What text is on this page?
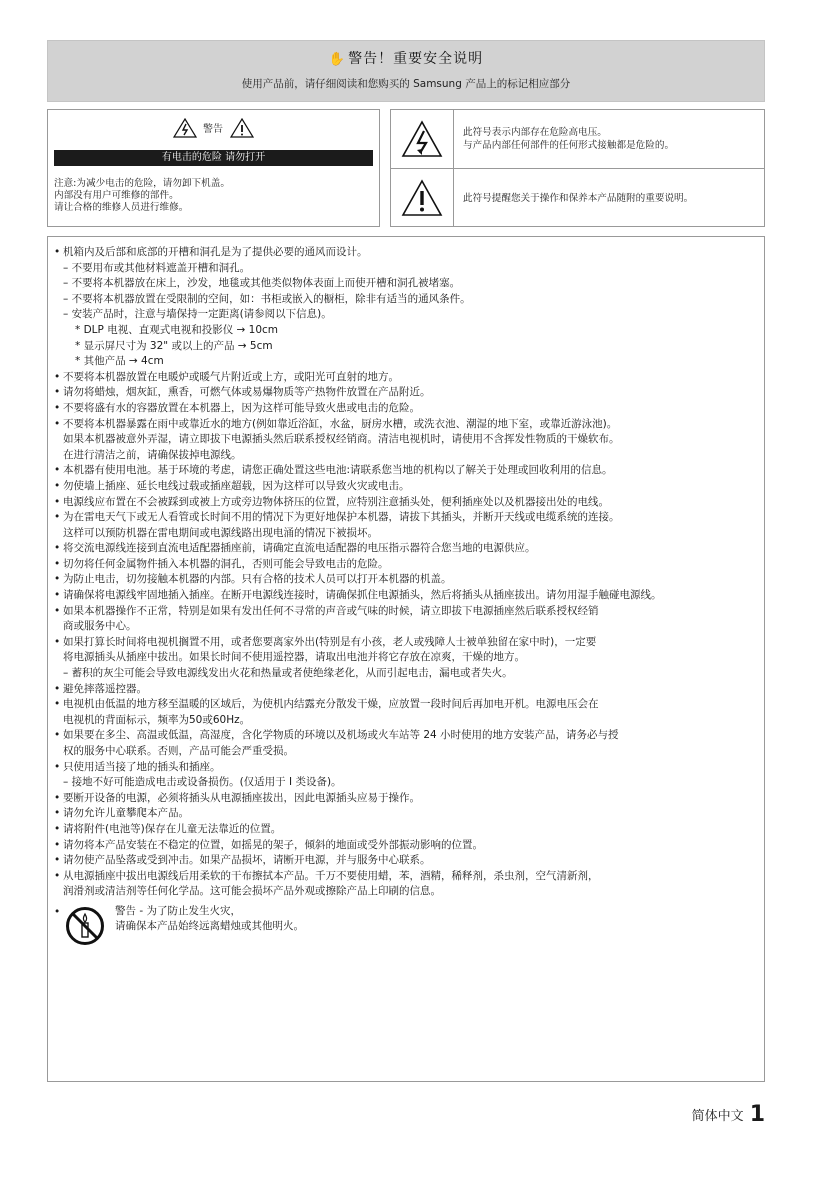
✋ 警告！重要安全说明
使用产品前，请仔细阅读和您购买的 Samsung 产品上的标记相应部分
警告
有电击的危险 请勿打开
注意:为减少电击的危险，请勿卸下机盖。
内部没有用户可维修的部件。
请让合格的维修人员进行维修。
此符号表示内部存在危险高电压。
与产品内部任何部件的任何形式接触都是危险的。
此符号提醒您关于操作和保养本产品随附的重要说明。
• 机箱内及后部和底部的开槽和洞孔是为了提供必要的通风而设计。
– 不要用布或其他材料遮盖开槽和洞孔。
– 不要将本机器放在床上，沙发，地毯或其他类似物体表面上而使开槽和洞孔被堵塞。
– 不要将本机器放置在受限制的空间，如：书柜或嵌入的橱柜，除非有适当的通风条件。
– 安装产品时，注意与墙保持一定距离(请参阅以下信息)。
* DLP 电视、直观式电视和投影仪 → 10cm
* 显示屏尺寸为 32" 或以上的产品 → 5cm
* 其他产品 → 4cm
• 不要将本机器放置在电暖炉或暖气片附近或上方，或阳光可直射的地方。
• 请勿将蜡烛，烟灰缸，熏香，可燃气体或易爆物质等产热物件放置在产品附近。
• 不要将盛有水的容器放置在本机器上，因为这样可能导致火患或电击的危险。
• 不要将本机器暴露在雨中或靠近水的地方(例如靠近浴缸，水盆，厨房水槽，或洗衣池、潮湿的地下室，或靠近游泳池)。
如果本机器被意外弄湿，请立即拔下电源插头然后联系授权经销商。清洁电视机时，请使用不含挥发性物质的干燥软布。
在进行清洁之前，请确保拔掉电源线。
• 本机器有使用电池。基于环境的考虑，请您正确处置这些电池:请联系您当地的机构以了解关于处理或回收利用的信息。
• 勿使墙上插座、延长电线过载或插座超载，因为这样可以导致火灾或电击。
• 电源线应布置在不会被踩到或被上方或旁边物体挤压的位置，应特别注意插头处，便利插座处以及机器接出处的电线。
• 为在雷电天气下或无人看管或长时间不用的情况下为更好地保护本机器，请拔下其插头，并断开天线或电缆系统的连接。
这样可以预防机器在雷电期间或电源线路出现电涌的情况下被损坏。
• 将交流电源线连接到直流电适配器插座前，请确定直流电适配器的电压指示器符合您当地的电源供应。
• 切勿将任何金属物件插入本机器的洞孔，否则可能会导致电击的危险。
• 为防止电击，切勿接触本机器的内部。只有合格的技术人员可以打开本机器的机盖。
• 请确保将电源线牢固地插入插座。在断开电源线连接时，请确保抓住电源插头，然后将插头从插座拔出。请勿用湿手触碰电源线。
• 如果本机器操作不正常，特别是如果有发出任何不寻常的声音或气味的时候，请立即拔下电源插座然后联系授权经销
商或服务中心。
• 如果打算长时间将电视机搁置不用，或者您要离家外出(特别是有小孩，老人或残障人士被单独留在家中时)，一定要
将电源插头从插座中拔出。如果长时间不使用遥控器，请取出电池并将它存放在凉爽，干燥的地方。
– 蓄积的灰尘可能会导致电源线发出火花和热量或者使绝缘老化，从而引起电击，漏电或者失火。
• 避免摔落遥控器。
• 电视机由低温的地方移至温暖的区域后，为使机内结露充分散发干燥，应放置一段时间后再加电开机。电源电压会在
电视机的背面标示，频率为50或60Hz。
• 如果要在多尘、高温或低温，高湿度，含化学物质的环境以及机场或火车站等 24 小时使用的地方安装产品，请务必与授
权的服务中心联系。否则，产品可能会严重受损。
• 只使用适当接了地的插头和插座。
– 接地不好可能造成电击或设备损伤。(仅适用于 I 类设备)。
• 要断开设备的电源，必须将插头从电源插座拔出，因此电源插头应易于操作。
• 请勿允许儿童攀爬本产品。
• 请将附件(电池等)保存在儿童无法靠近的位置。
• 请勿将本产品安装在不稳定的位置，如摇晃的架子，倾斜的地面或受外部振动影响的位置。
• 请勿使产品坠落或受到冲击。如果产品损坏，请断开电源，并与服务中心联系。
• 从电源插座中拔出电源线后用柔软的干布擦拭本产品。千万不要使用蜡，苯，酒精，稀释剂，杀虫剂，空气清新剂，
润滑剂或清洁剂等任何化学品。这可能会损坏产品外观或擦除产品上印刷的信息。
•	警告 - 为了防止发生火灾，
请确保本产品始终远离蜡烛或其他明火。
简体中文 1
